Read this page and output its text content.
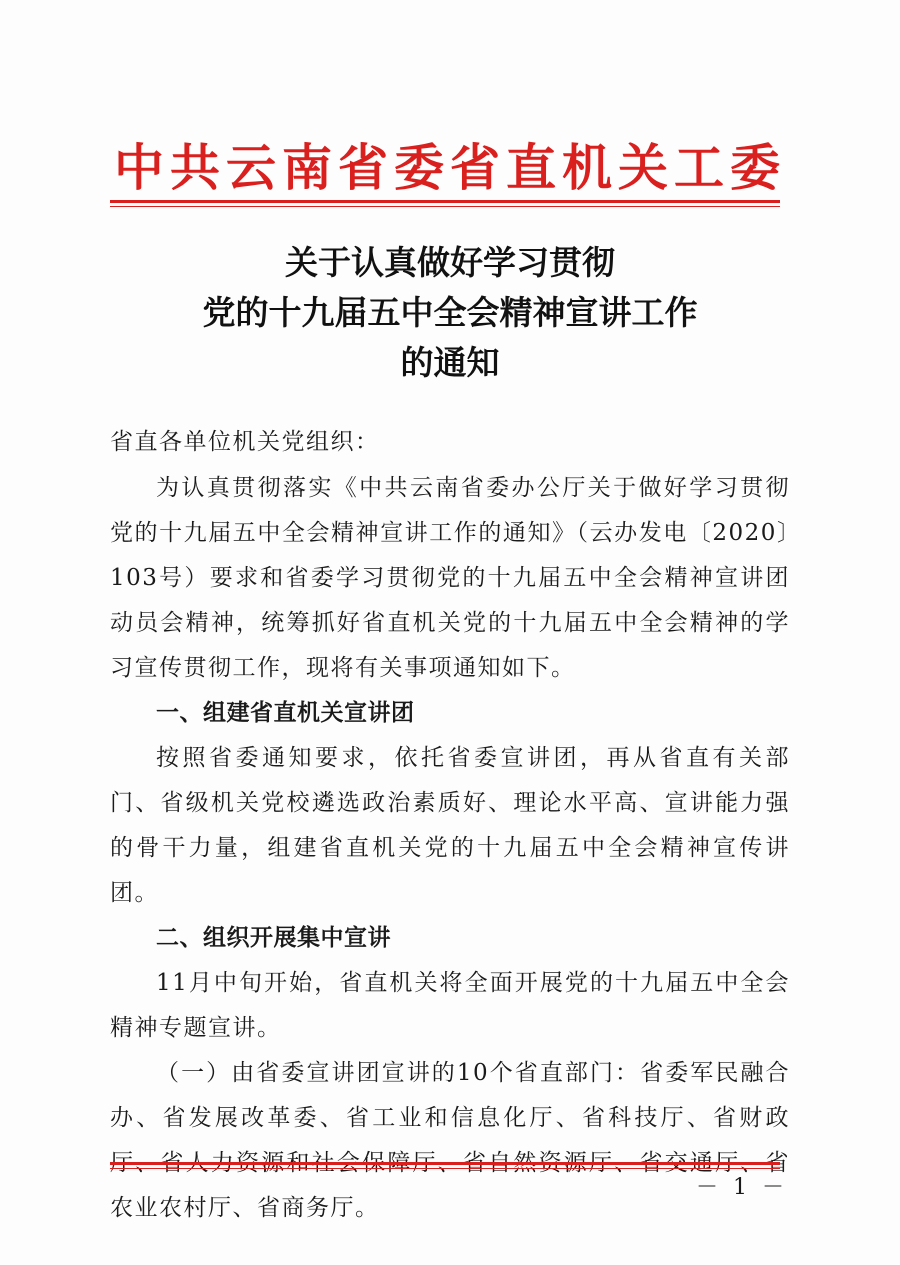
中共云南省委省直机关工委
关于认真做好学习贯彻
党的十九届五中全会精神宣讲工作
的通知
省直各单位机关党组织：
为认真贯彻落实《中共云南省委办公厅关于做好学习贯彻党的十九届五中全会精神宣讲工作的通知》（云办发电〔2020〕103号）要求和省委学习贯彻党的十九届五中全会精神宣讲团动员会精神，统筹抓好省直机关党的十九届五中全会精神的学习宣传贯彻工作，现将有关事项通知如下。
一、组建省直机关宣讲团
按照省委通知要求，依托省委宣讲团，再从省直有关部门、省级机关党校遴选政治素质好、理论水平高、宣讲能力强的骨干力量，组建省直机关党的十九届五中全会精神宣传讲团。
二、组织开展集中宣讲
11月中旬开始，省直机关将全面开展党的十九届五中全会精神专题宣讲。
（一）由省委宣讲团宣讲的10个省直部门：省委军民融合办、省发展改革委、省工业和信息化厅、省科技厅、省财政厅、省人力资源和社会保障厅、省自然资源厅、省交通厅、省农业农村厅、省商务厅。
－ 1 －
